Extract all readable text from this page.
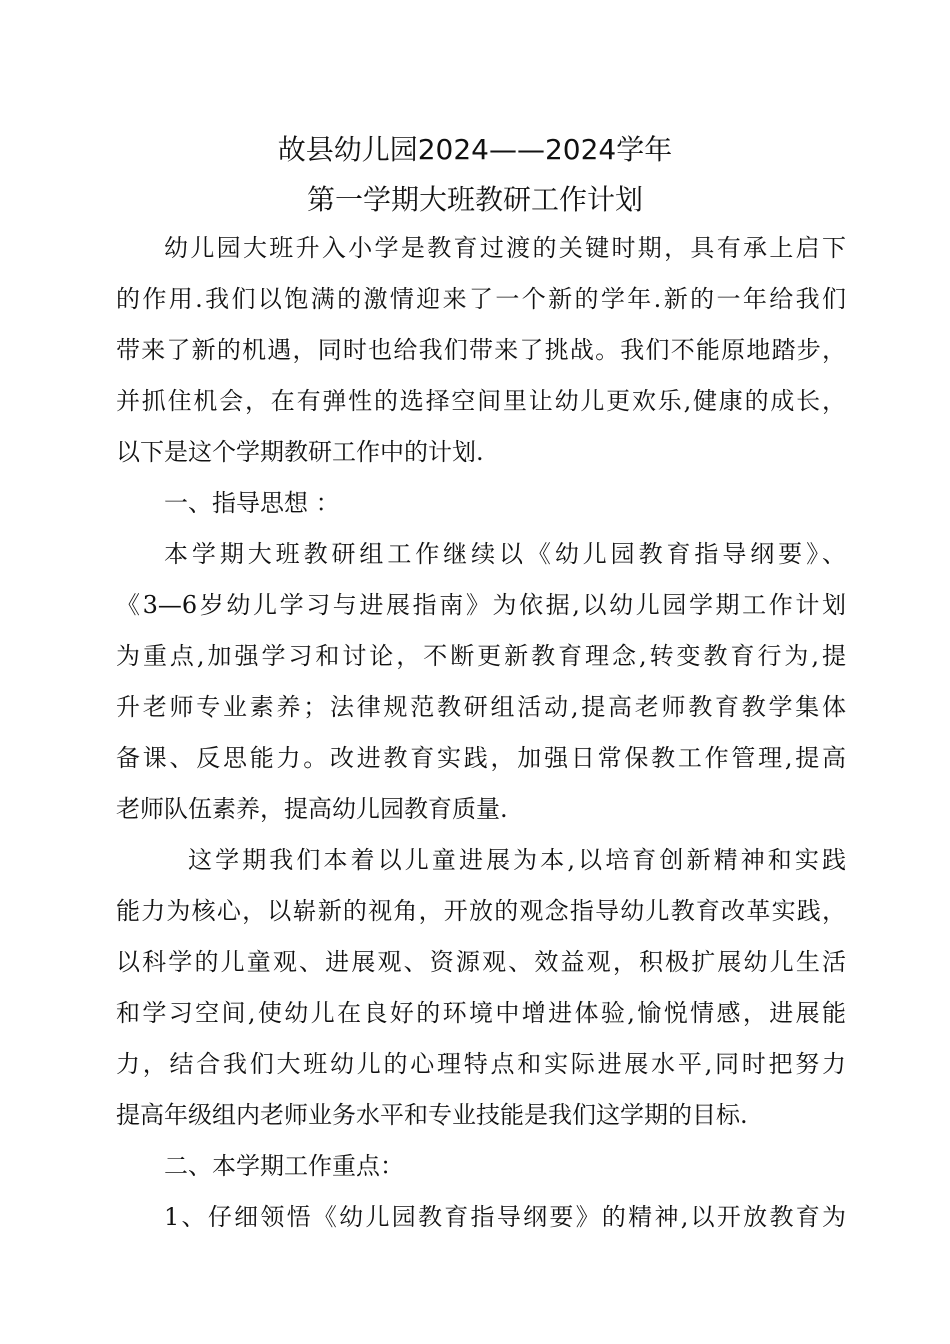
故县幼儿园2024——2024学年
第一学期大班教研工作计划
幼儿园大班升入小学是教育过渡的关键时期，具有承上启下
的作用.我们以饱满的激情迎来了一个新的学年.新的一年给我们
带来了新的机遇，同时也给我们带来了挑战。我们不能原地踏步，
并抓住机会，在有弹性的选择空间里让幼儿更欢乐,健康的成长，
以下是这个学期教研工作中的计划.
一、指导思想 ：
本学期大班教研组工作继续以《幼儿园教育指导纲要》、
《3—6岁幼儿学习与进展指南》为依据,以幼儿园学期工作计划
为重点,加强学习和讨论，不断更新教育理念,转变教育行为,提
升老师专业素养；法律规范教研组活动,提高老师教育教学集体
备课、反思能力。改进教育实践，加强日常保教工作管理,提高
老师队伍素养，提高幼儿园教育质量.
这学期我们本着以儿童进展为本,以培育创新精神和实践
能力为核心，以崭新的视角，开放的观念指导幼儿教育改革实践，
以科学的儿童观、进展观、资源观、效益观，积极扩展幼儿生活
和学习空间,使幼儿在良好的环境中增进体验,愉悦情感，进展能
力，结合我们大班幼儿的心理特点和实际进展水平,同时把努力
提高年级组内老师业务水平和专业技能是我们这学期的目标.
二、本学期工作重点：
1、仔细领悟《幼儿园教育指导纲要》的精神,以开放教育为
